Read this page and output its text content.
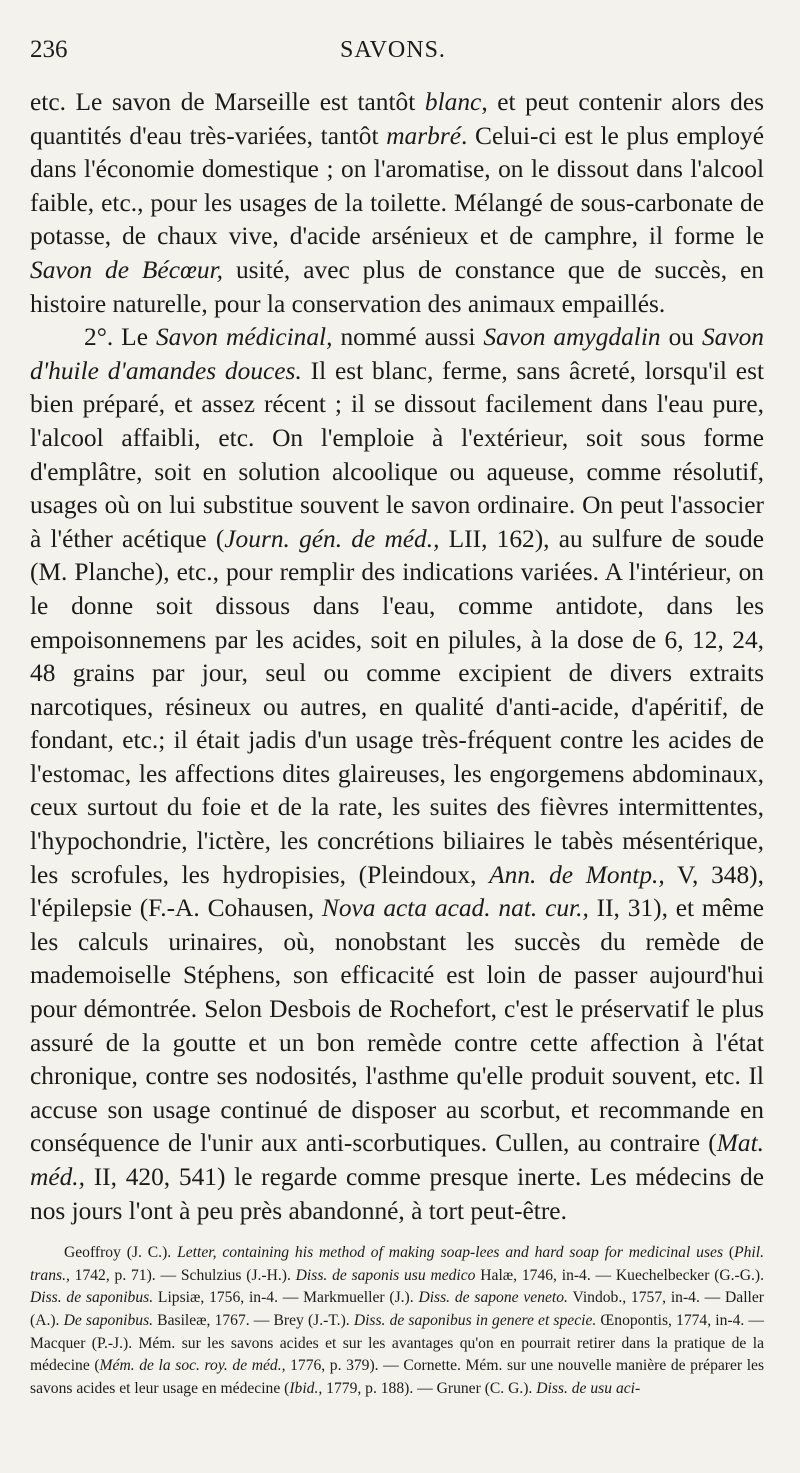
236	SAVONS.

etc. Le savon de Marseille est tantôt blanc, et peut contenir alors des quantités d'eau très-variées, tantôt marbré. Celui-ci est le plus employé dans l'économie domestique ; on l'aromatise, on le dissout dans l'alcool faible, etc., pour les usages de la toilette. Mélangé de sous-carbonate de potasse, de chaux vive, d'acide arsénieux et de camphre, il forme le Savon de Bécœur, usité, avec plus de constance que de succès, en histoire naturelle, pour la conservation des animaux empaillés.

2°. Le Savon médicinal, nommé aussi Savon amygdalin ou Savon d'huile d'amandes douces. Il est blanc, ferme, sans âcreté, lorsqu'il est bien préparé, et assez récent ; il se dissout facilement dans l'eau pure, l'alcool affaibli, etc. On l'emploie à l'extérieur, soit sous forme d'emplâtre, soit en solution alcoolique ou aqueuse, comme résolutif, usages où on lui substitue souvent le savon ordinaire. On peut l'associer à l'éther acétique (Journ. gén. de méd., LII, 162), au sulfure de soude (M. Planche), etc., pour remplir des indications variées. A l'intérieur, on le donne soit dissous dans l'eau, comme antidote, dans les empoisonnemens par les acides, soit en pilules, à la dose de 6, 12, 24, 48 grains par jour, seul ou comme excipient de divers extraits narcotiques, résineux ou autres, en qualité d'anti-acide, d'apéritif, de fondant, etc.; il était jadis d'un usage très-fréquent contre les acides de l'estomac, les affections dites glaireuses, les engorgemens abdominaux, ceux surtout du foie et de la rate, les suites des fièvres intermittentes, l'hypochondrie, l'ictère, les concrétions biliaires le tabès mésentérique, les scrofules, les hydropisies, (Pleindoux, Ann. de Montp., V, 348), l'épilepsie (F.-A. Cohausen, Nova acta acad. nat. cur., II, 31), et même les calculs urinaires, où, nonobstant les succès du remède de mademoiselle Stéphens, son efficacité est loin de passer aujourd'hui pour démontrée. Selon Desbois de Rochefort, c'est le préservatif le plus assuré de la goutte et un bon remède contre cette affection à l'état chronique, contre ses nodosités, l'asthme qu'elle produit souvent, etc. Il accuse son usage continué de disposer au scorbut, et recommande en conséquence de l'unir aux anti-scorbutiques. Cullen, au contraire (Mat. méd., II, 420, 541) le regarde comme presque inerte. Les médecins de nos jours l'ont à peu près abandonné, à tort peut-être.

Geoffroy (J. C.). Letter, containing his method of making soap-lees and hard soap for medicinal uses (Phil. trans., 1742, p. 71). — Schulzius (J.-H.). Diss. de saponis usu medico Halæ, 1746, in-4. — Kuechelbecker (G.-G.). Diss. de saponibus. Lipsiæ, 1756, in-4. — Markmueller (J.). Diss. de sapone veneto. Vindob., 1757, in-4. — Daller (A.). De saponibus. Basileæ, 1767. — Brey (J.-T.). Diss. de saponibus in genere et specie. Œnopontis, 1774, in-4. — Macquer (P.-J.). Mém. sur les savons acides et sur les avantages qu'on en pourrait retirer dans la pratique de la médecine (Mém. de la soc. roy. de méd., 1776, p. 379). — Cornette. Mém. sur une nouvelle manière de préparer les savons acides et leur usage en médecine (Ibid., 1779, p. 188). — Gruner (C. G.). Diss. de usu aci-
